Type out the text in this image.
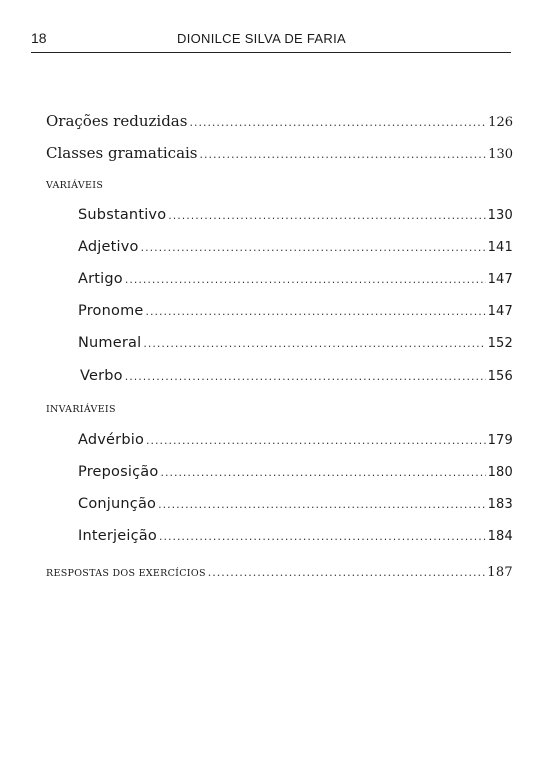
18	DIONILCE SILVA DE FARIA
Orações reduzidas .....	126
Classes gramaticais .....	130
VARIÁVEIS
Substantivo .....	130
Adjetivo .....	141
Artigo .....	147
Pronome .....	147
Numeral .....	152
Verbo .....	156
INVARIÁVEIS
Advérbio .....	179
Preposição .....	180
Conjunção .....	183
Interjeição .....	184
RESPOSTAS DOS EXERCÍCIOS .....	187
